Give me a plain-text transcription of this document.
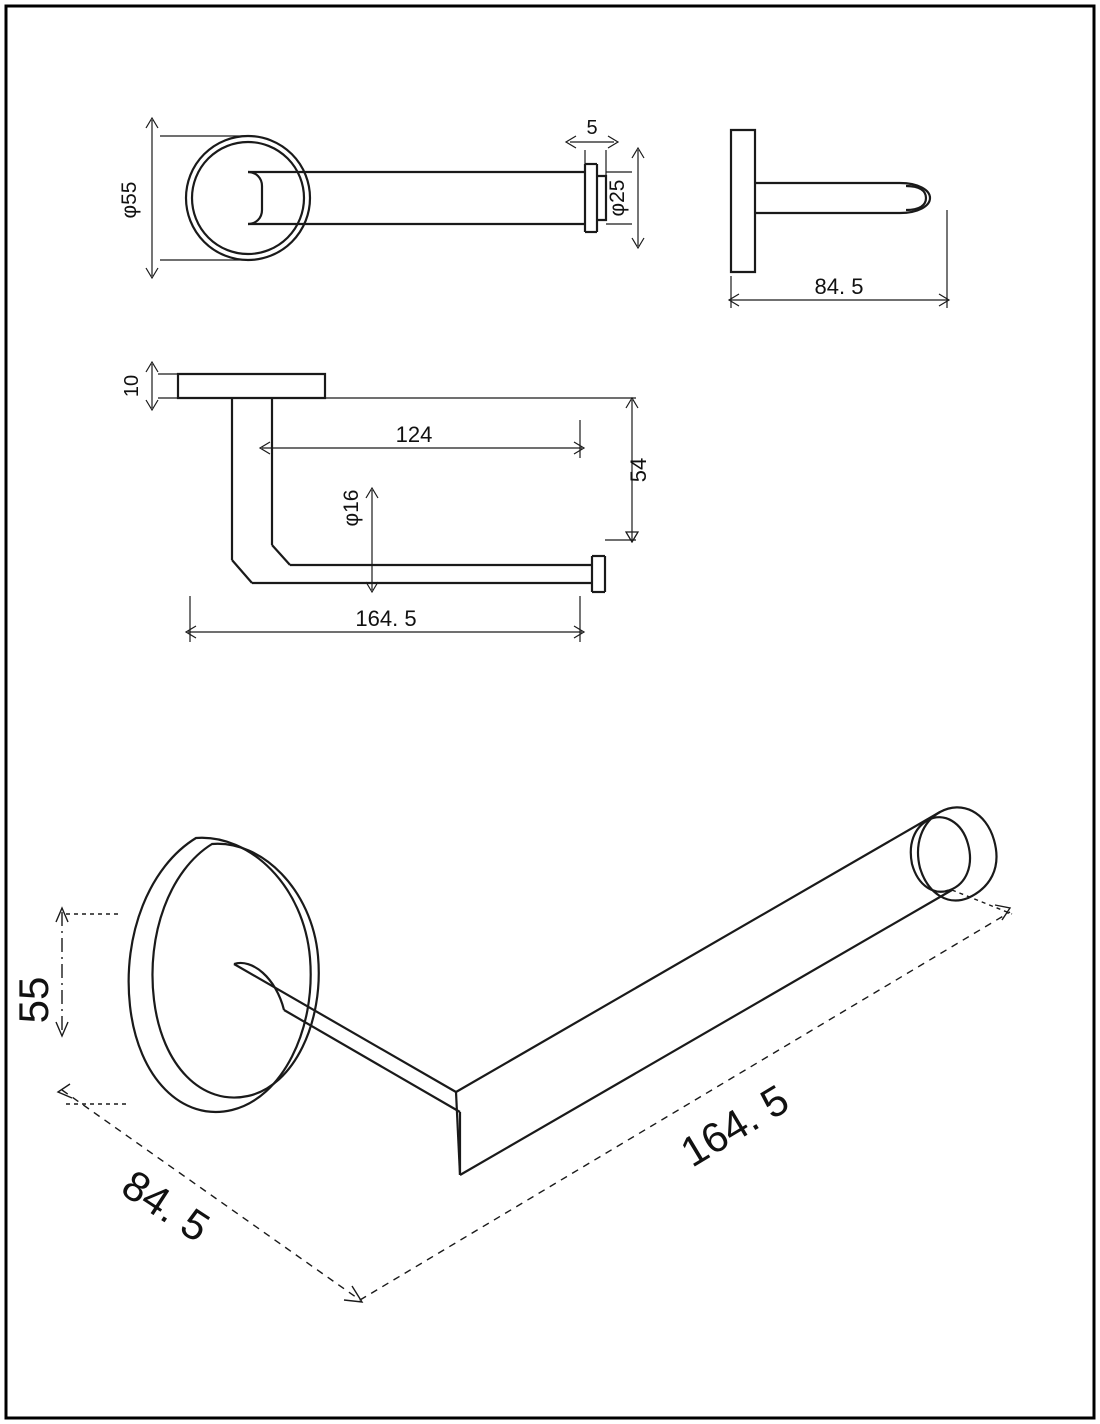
φ55
5
φ25
84. 5
10
124
54
φ16
164. 5
55
84. 5
164. 5
